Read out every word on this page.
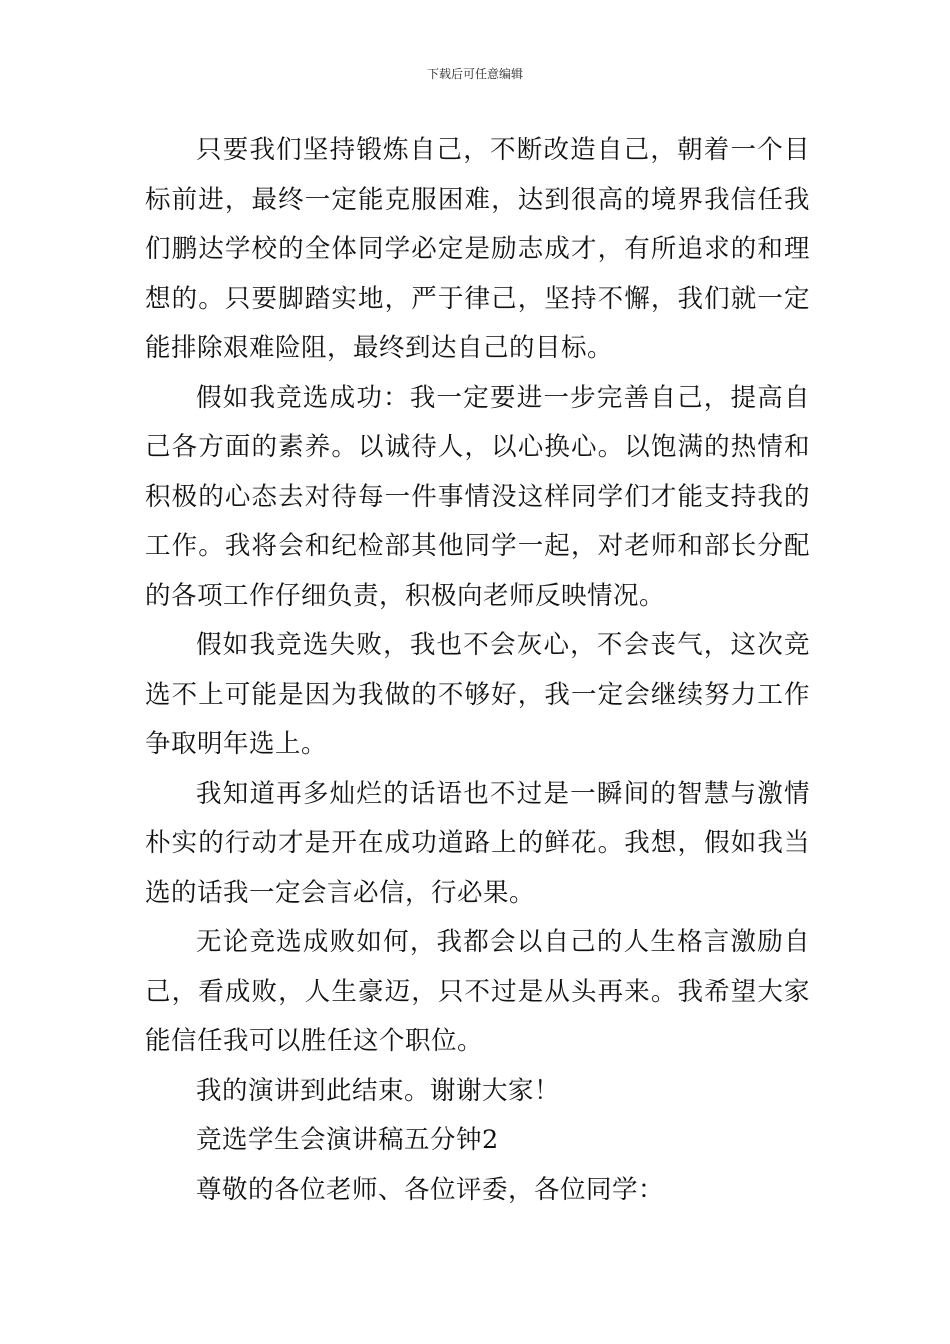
下载后可任意编辑

只要我们坚持锻炼自己，不断改造自己，朝着一个目标前进，最终一定能克服困难，达到很高的境界我信任我们鹏达学校的全体同学必定是励志成才，有所追求的和理想的。只要脚踏实地，严于律己，坚持不懈，我们就一定能排除艰难险阻，最终到达自己的目标。

假如我竞选成功：我一定要进一步完善自己，提高自己各方面的素养。以诚待人，以心换心。以饱满的热情和积极的心态去对待每一件事情没这样同学们才能支持我的工作。我将会和纪检部其他同学一起，对老师和部长分配的各项工作仔细负责，积极向老师反映情况。

假如我竞选失败，我也不会灰心，不会丧气，这次竞选不上可能是因为我做的不够好，我一定会继续努力工作争取明年选上。

我知道再多灿烂的话语也不过是一瞬间的智慧与激情朴实的行动才是开在成功道路上的鲜花。我想，假如我当选的话我一定会言必信，行必果。

无论竞选成败如何，我都会以自己的人生格言激励自己，看成败，人生豪迈，只不过是从头再来。我希望大家能信任我可以胜任这个职位。

我的演讲到此结束。谢谢大家！

竞选学生会演讲稿五分钟2

尊敬的各位老师、各位评委，各位同学：
